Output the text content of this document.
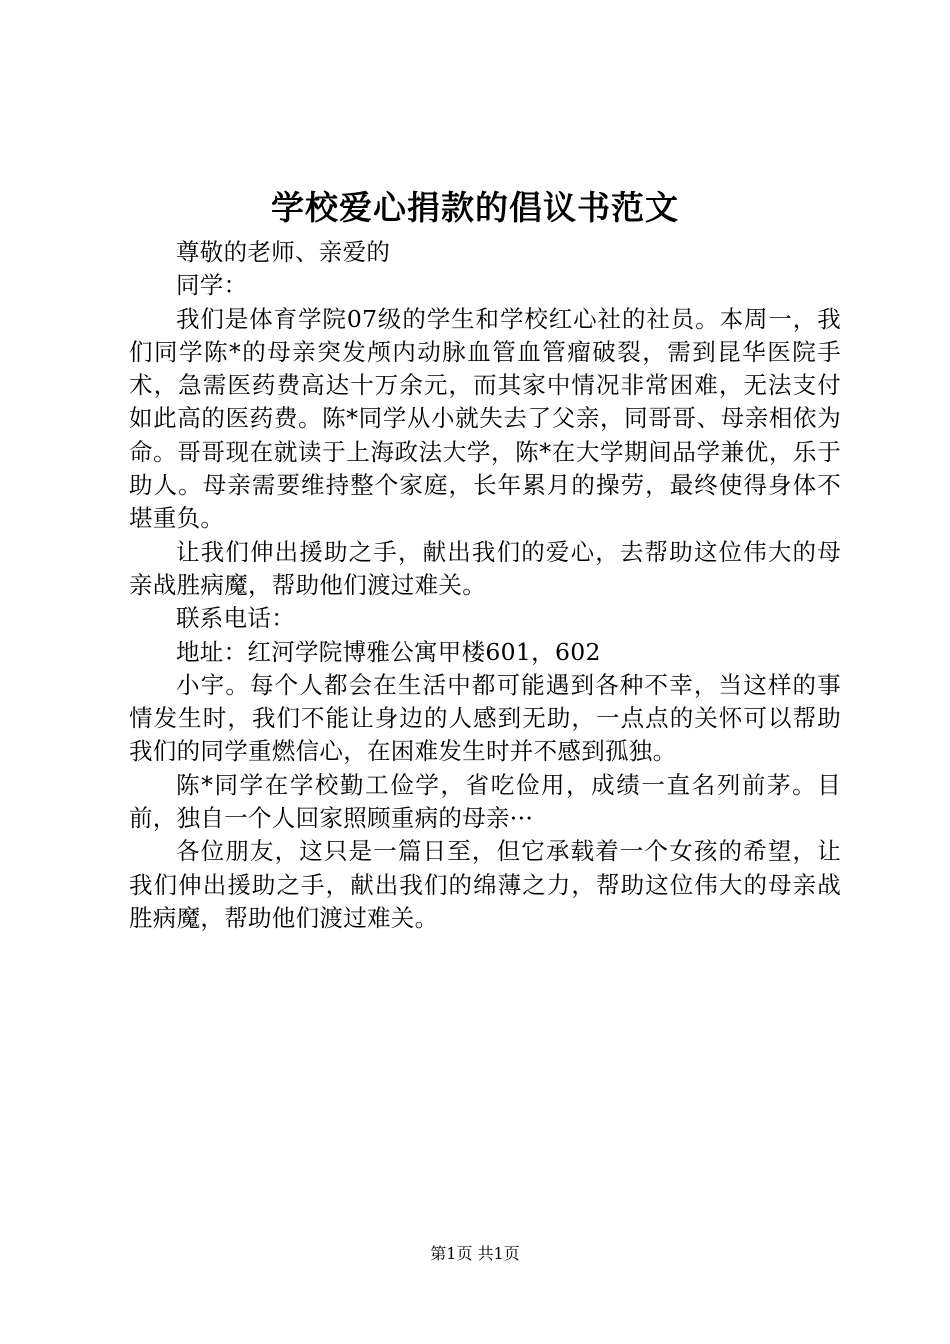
学校爱心捐款的倡议书范文

尊敬的老师、亲爱的

同学：

我们是体育学院07级的学生和学校红心社的社员。本周一，我们同学陈*的母亲突发颅内动脉血管血管瘤破裂，需到昆华医院手术，急需医药费高达十万余元，而其家中情况非常困难，无法支付如此高的医药费。陈*同学从小就失去了父亲，同哥哥、母亲相依为命。哥哥现在就读于上海政法大学，陈*在大学期间品学兼优，乐于助人。母亲需要维持整个家庭，长年累月的操劳，最终使得身体不堪重负。

让我们伸出援助之手，献出我们的爱心，去帮助这位伟大的母亲战胜病魔，帮助他们渡过难关。

联系电话：

地址：红河学院博雅公寓甲楼601，602

小宇。每个人都会在生活中都可能遇到各种不幸，当这样的事情发生时，我们不能让身边的人感到无助，一点点的关怀可以帮助我们的同学重燃信心，在困难发生时并不感到孤独。

陈*同学在学校勤工俭学，省吃俭用，成绩一直名列前茅。目前，独自一个人回家照顾重病的母亲···

各位朋友，这只是一篇日至，但它承载着一个女孩的希望，让我们伸出援助之手，献出我们的绵薄之力，帮助这位伟大的母亲战胜病魔，帮助他们渡过难关。

第1页 共1页
